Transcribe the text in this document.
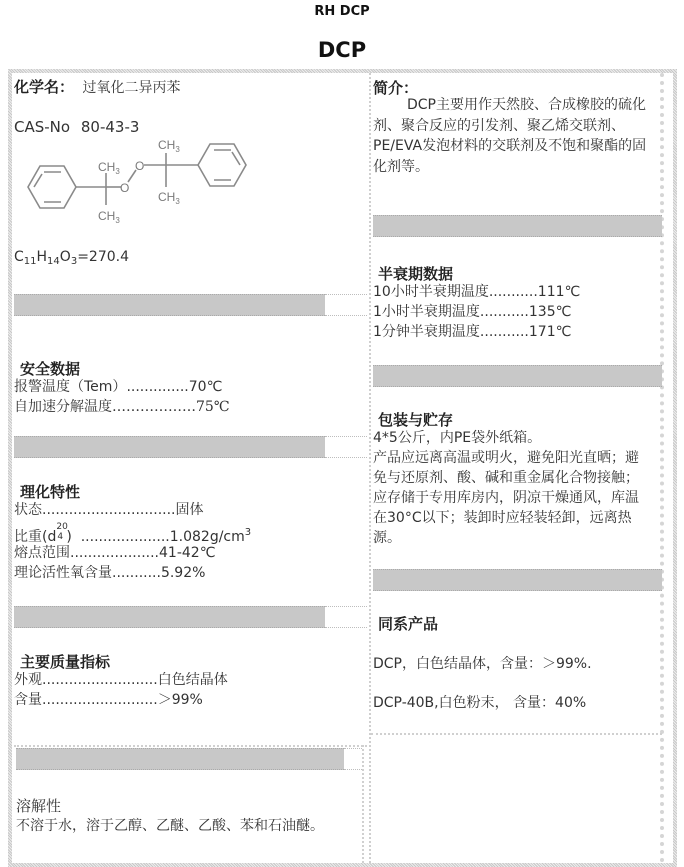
RH DCP
DCP
化学名： 过氧化二异丙苯
CAS-No 80-43-3
$CH_3$
$CH_3$
O
O
$CH_3$
$CH_3$
$C_{11}H_{14}O_3=270.4$
安全数据
报警温度（Tem）..............70℃
自加速分解温度………………75℃
理化特性
状态..............................固体
比重(d
20
4 )  $....................1.082g/cm^3$
熔点范围....................41-42℃
理论活性氧含量...........5.92%
主要质量指标
外观..........................白色结晶体
含量..........................＞99%
溶解性
不溶于水，溶于乙醇、乙醚、乙酸、苯和石油醚。
简介：
DCP主要用作天然胶、合成橡胶的硫化剂、聚合反应的引发剂、聚乙烯交联剂、PE/EVA发泡材料的交联剂及不饱和聚酯的固化剂等。
半衰期数据
10小时半衰期温度...........111℃
1小时半衰期温度...........135℃
1分钟半衰期温度...........171℃
包装与贮存
4*5公斤，内PE袋外纸箱。
产品应远离高温或明火，避免阳光直晒；避免与还原剂、酸、碱和重金属化合物接触；应存储于专用库房内，阴凉干燥通风，库温在30°C以下；装卸时应轻装轻卸，远离热源。
同系产品
DCP，白色结晶体，含量：＞99%.
DCP-40B,白色粉末， 含量：40%
